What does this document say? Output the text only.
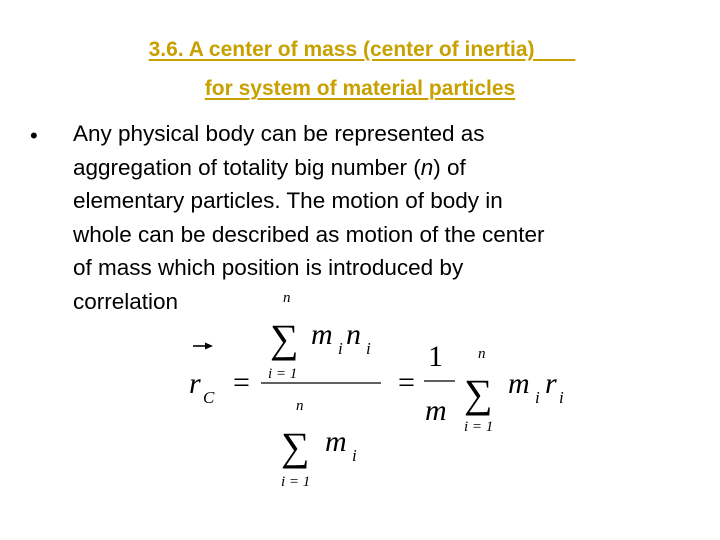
3.6. A center of mass (center of inertia)
for system of material particles
• Any physical body can be represented as
aggregation of totality big number (n) of
elementary particles. The motion of body in
whole can be described as motion of the center
of mass which position is introduced by
correlation
r C =
n
∑
i = 1
m i n i
n
∑
i = 1
m i
=
1
m
n
∑
i = 1
m i r i
